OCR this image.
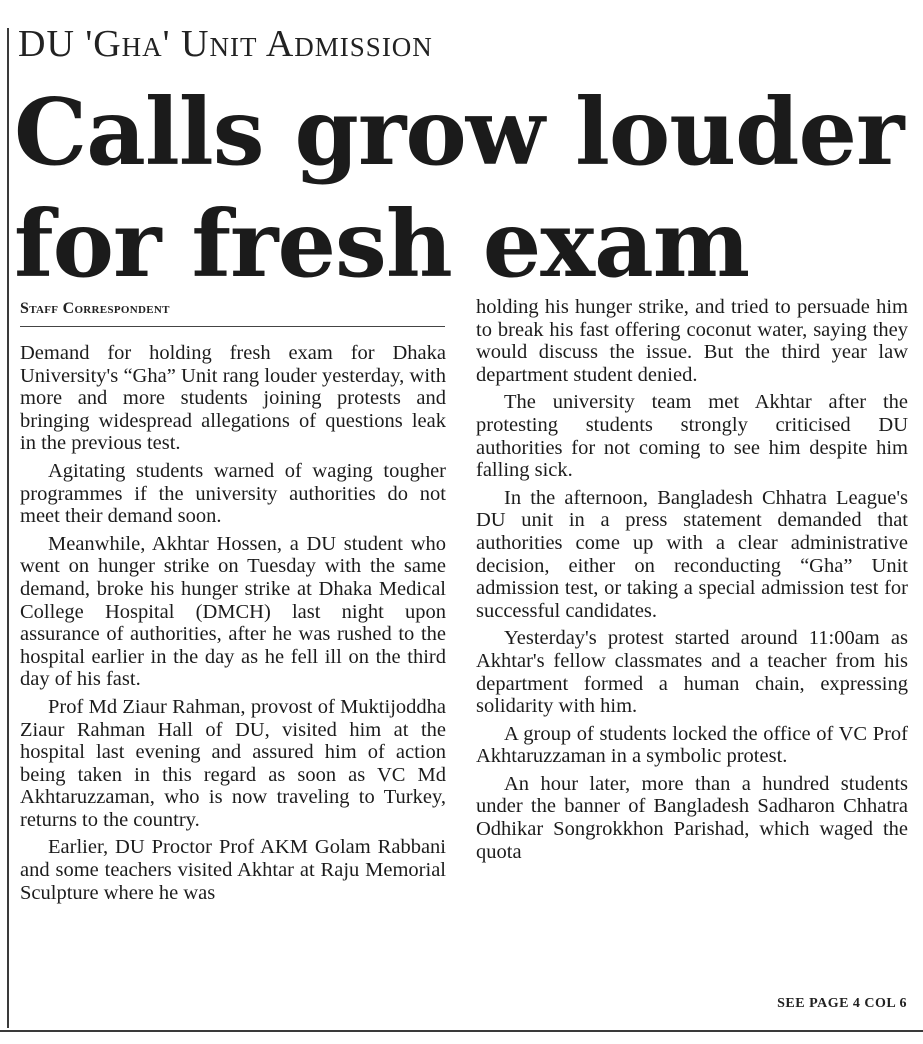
DU 'Gha' Unit Admission
Calls grow louder
for fresh exam
Staff Correspondent

Demand for holding fresh exam for Dhaka University's “Gha” Unit rang louder yesterday, with more and more students joining protests and bringing widespread allegations of questions leak in the previous test.

Agitating students warned of waging tougher programmes if the university authorities do not meet their demand soon.

Meanwhile, Akhtar Hossen, a DU student who went on hunger strike on Tuesday with the same demand, broke his hunger strike at Dhaka Medical College Hospital (DMCH) last night upon assurance of authorities, after he was rushed to the hospital earlier in the day as he fell ill on the third day of his fast.

Prof Md Ziaur Rahman, provost of Muktijoddha Ziaur Rahman Hall of DU, visited him at the hospital last evening and assured him of action being taken in this regard as soon as VC Md Akhtaruzzaman, who is now traveling to Turkey, returns to the country.

Earlier, DU Proctor Prof AKM Golam Rabbani and some teachers visited Akhtar at Raju Memorial Sculpture where he was

holding his hunger strike, and tried to persuade him to break his fast offering coconut water, saying they would discuss the issue. But the third year law department student denied.

The university team met Akhtar after the protesting students strongly criticised DU authorities for not coming to see him despite him falling sick.

In the afternoon, Bangladesh Chhatra League's DU unit in a press statement demanded that authorities come up with a clear administrative decision, either on reconducting “Gha” Unit admission test, or taking a special admission test for successful candidates.

Yesterday's protest started around 11:00am as Akhtar's fellow classmates and a teacher from his department formed a human chain, expressing solidarity with him.

A group of students locked the office of VC Prof Akhtaruzzaman in a symbolic protest.

An hour later, more than a hundred students under the banner of Bangladesh Sadharon Chhatra Odhikar Songrokkhon Parishad, which waged the quota

SEE PAGE 4 COL 6
